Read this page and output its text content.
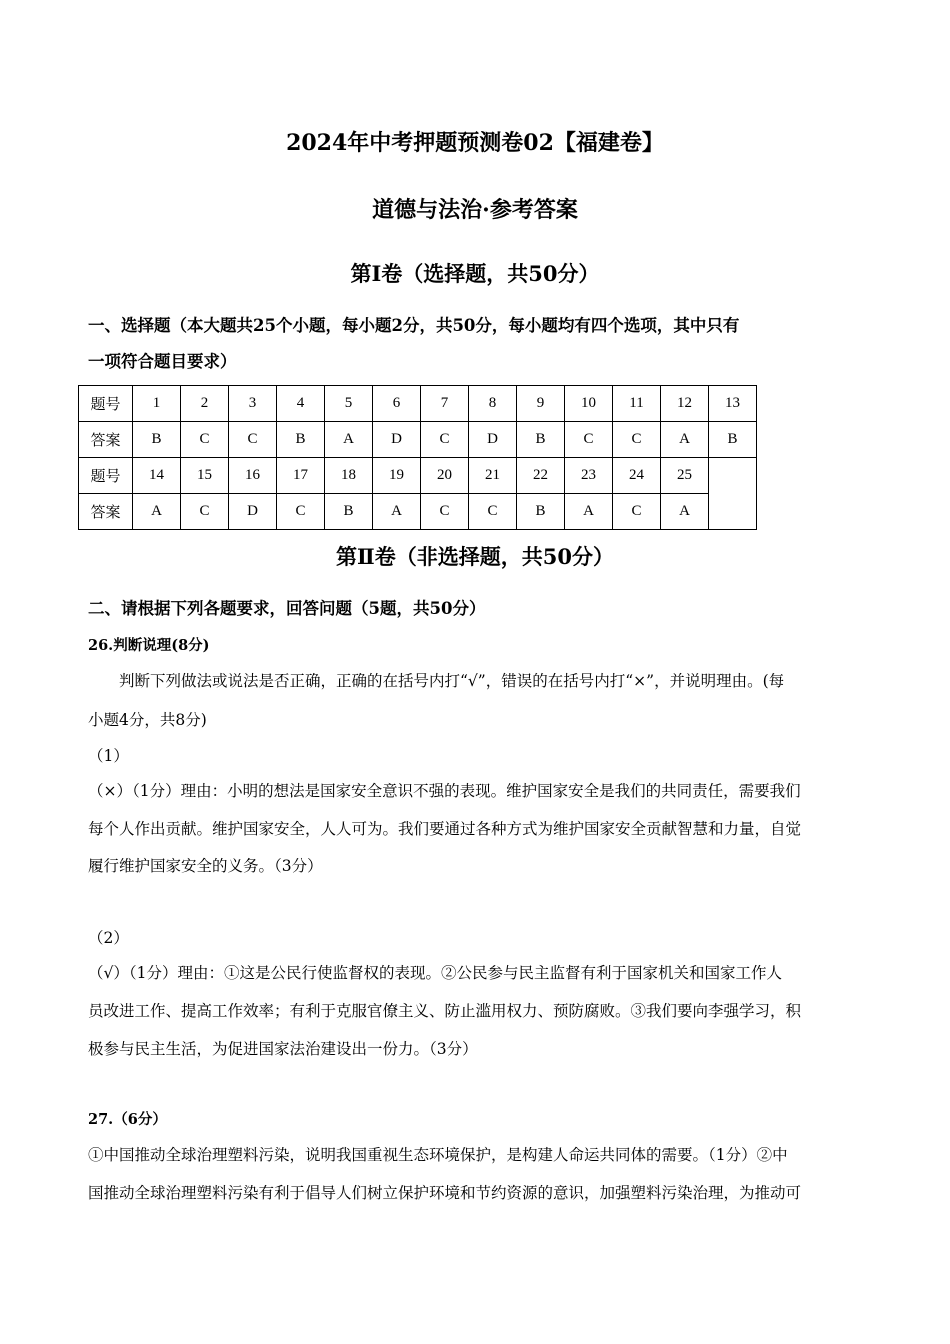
2024年中考押题预测卷02【福建卷】
道德与法治·参考答案
第Ⅰ卷（选择题，共50分）
一、选择题（本大题共25个小题，每小题2分，共50分，每小题均有四个选项，其中只有
一项符合题目要求）
题号	1	2	3	4	5	6	7	8	9	10	11	12	13
答案	B	C	C	B	A	D	C	D	B	C	C	A	B
题号	14	15	16	17	18	19	20	21	22	23	24	25	
答案	A	C	D	C	B	A	C	C	B	A	C	A	
第Ⅱ卷（非选择题，共50分）
二、请根据下列各题要求，回答问题（5题，共50分）
26.判断说理(8分)
判断下列做法或说法是否正确，正确的在括号内打“√”，错误的在括号内打“×”，并说明理由。(每
小题4分，共8分)
（1）
（×）（1分）理由：小明的想法是国家安全意识不强的表现。维护国家安全是我们的共同责任，需要我们
每个人作出贡献。维护国家安全，人人可为。我们要通过各种方式为维护国家安全贡献智慧和力量，自觉
履行维护国家安全的义务。（3分）
（2）
（√）（1分）理由：①这是公民行使监督权的表现。②公民参与民主监督有利于国家机关和国家工作人
员改进工作、提高工作效率；有利于克服官僚主义、防止滥用权力、预防腐败。③我们要向李强学习，积
极参与民主生活，为促进国家法治建设出一份力。（3分）
27.（6分）
①中国推动全球治理塑料污染，说明我国重视生态环境保护，是构建人命运共同体的需要。（1分）②中
国推动全球治理塑料污染有利于倡导人们树立保护环境和节约资源的意识，加强塑料污染治理，为推动可
